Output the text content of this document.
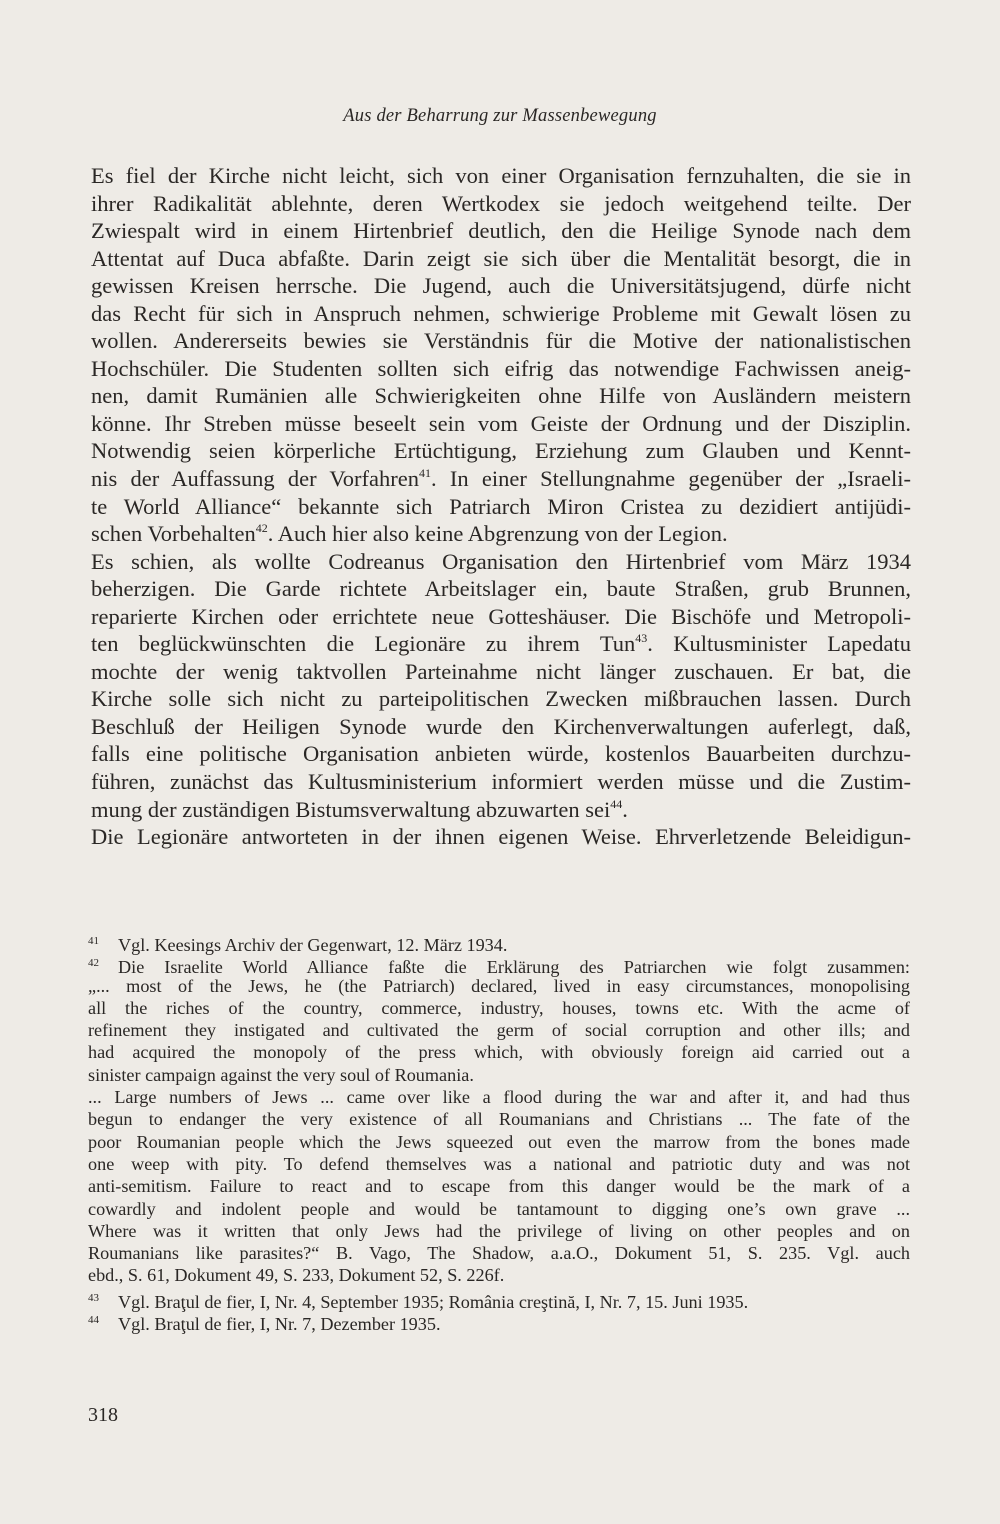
Aus der Beharrung zur Massenbewegung
Es fiel der Kirche nicht leicht, sich von einer Organisation fernzuhalten, die sie in
ihrer Radikalität ablehnte, deren Wertkodex sie jedoch weitgehend teilte. Der
Zwiespalt wird in einem Hirtenbrief deutlich, den die Heilige Synode nach dem
Attentat auf Duca abfaßte. Darin zeigt sie sich über die Mentalität besorgt, die in
gewissen Kreisen herrsche. Die Jugend, auch die Universitätsjugend, dürfe nicht
das Recht für sich in Anspruch nehmen, schwierige Probleme mit Gewalt lösen zu
wollen. Andererseits bewies sie Verständnis für die Motive der nationalistischen
Hochschüler. Die Studenten sollten sich eifrig das notwendige Fachwissen aneig-
nen, damit Rumänien alle Schwierigkeiten ohne Hilfe von Ausländern meistern
könne. Ihr Streben müsse beseelt sein vom Geiste der Ordnung und der Disziplin.
Notwendig seien körperliche Ertüchtigung, Erziehung zum Glauben und Kennt-
nis der Auffassung der Vorfahren$^{41}$. In einer Stellungnahme gegenüber der „Israeli-
te World Alliance“ bekannte sich Patriarch Miron Cristea zu dezidiert antijüdi-
schen Vorbehalten$^{42}$. Auch hier also keine Abgrenzung von der Legion.
Es schien, als wollte Codreanus Organisation den Hirtenbrief vom März 1934
beherzigen. Die Garde richtete Arbeitslager ein, baute Straßen, grub Brunnen,
reparierte Kirchen oder errichtete neue Gotteshäuser. Die Bischöfe und Metropoli-
ten beglückwünschten die Legionäre zu ihrem Tun$^{43}$. Kultusminister Lapedatu
mochte der wenig taktvollen Parteinahme nicht länger zuschauen. Er bat, die
Kirche solle sich nicht zu parteipolitischen Zwecken mißbrauchen lassen. Durch
Beschluß der Heiligen Synode wurde den Kirchenverwaltungen auferlegt, daß,
falls eine politische Organisation anbieten würde, kostenlos Bauarbeiten durchzu-
führen, zunächst das Kultusministerium informiert werden müsse und die Zustim-
mung der zuständigen Bistumsverwaltung abzuwarten sei$^{44}$.
Die Legionäre antworteten in der ihnen eigenen Weise. Ehrverletzende Beleidigun-
41 Vgl. Keesings Archiv der Gegenwart, 12. März 1934.
42 Die Israelite World Alliance faßte die Erklärung des Patriarchen wie folgt zusammen:
„... most of the Jews, he (the Patriarch) declared, lived in easy circumstances, monopolising
all the riches of the country, commerce, industry, houses, towns etc. With the acme of
refinement they instigated and cultivated the germ of social corruption and other ills; and
had acquired the monopoly of the press which, with obviously foreign aid carried out a
sinister campaign against the very soul of Roumania.
... Large numbers of Jews ... came over like a flood during the war and after it, and had thus
begun to endanger the very existence of all Roumanians and Christians ... The fate of the
poor Roumanian people which the Jews squeezed out even the marrow from the bones made
one weep with pity. To defend themselves was a national and patriotic duty and was not
anti-semitism. Failure to react and to escape from this danger would be the mark of a
cowardly and indolent people and would be tantamount to digging one’s own grave ...
Where was it written that only Jews had the privilege of living on other peoples and on
Roumanians like parasites?“ B. Vago, The Shadow, a.a.O., Dokument 51, S. 235. Vgl. auch
ebd., S. 61, Dokument 49, S. 233, Dokument 52, S. 226f.
43 Vgl. Braţul de fier, I, Nr. 4, September 1935; România creştină, I, Nr. 7, 15. Juni 1935.
44 Vgl. Braţul de fier, I, Nr. 7, Dezember 1935.
318
